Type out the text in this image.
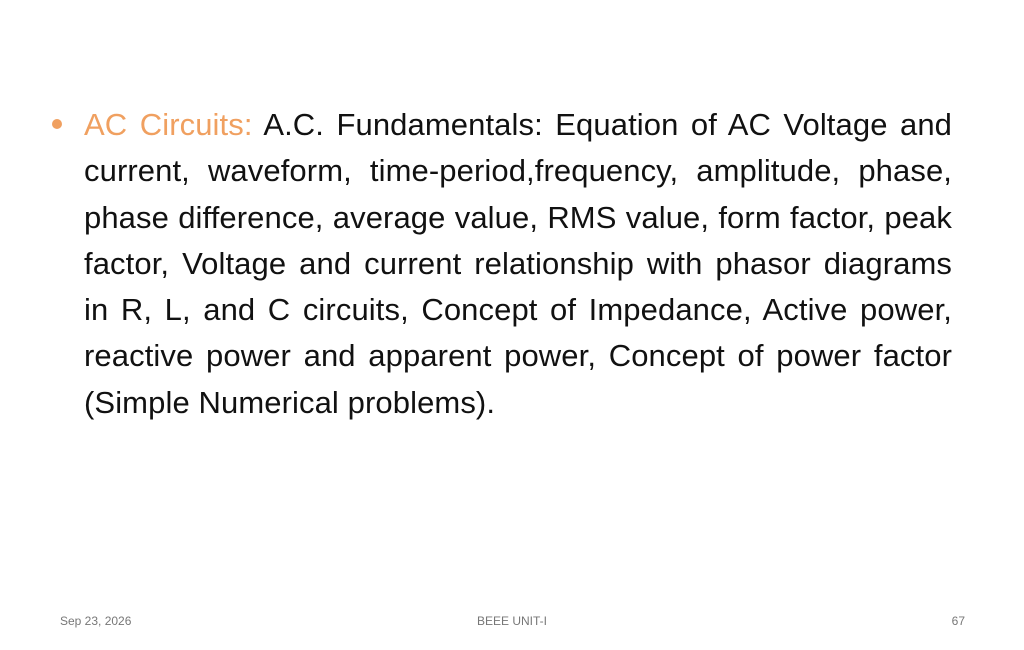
AC Circuits: A.C. Fundamentals: Equation of AC Voltage and current, waveform, time-period,frequency, amplitude, phase, phase difference, average value, RMS value, form factor, peak factor, Voltage and current relationship with phasor diagrams in R, L, and C circuits, Concept of Impedance, Active power, reactive power and apparent power, Concept of power factor (Simple Numerical problems).
BEEE UNIT-I
Sep 23, 2026	67
